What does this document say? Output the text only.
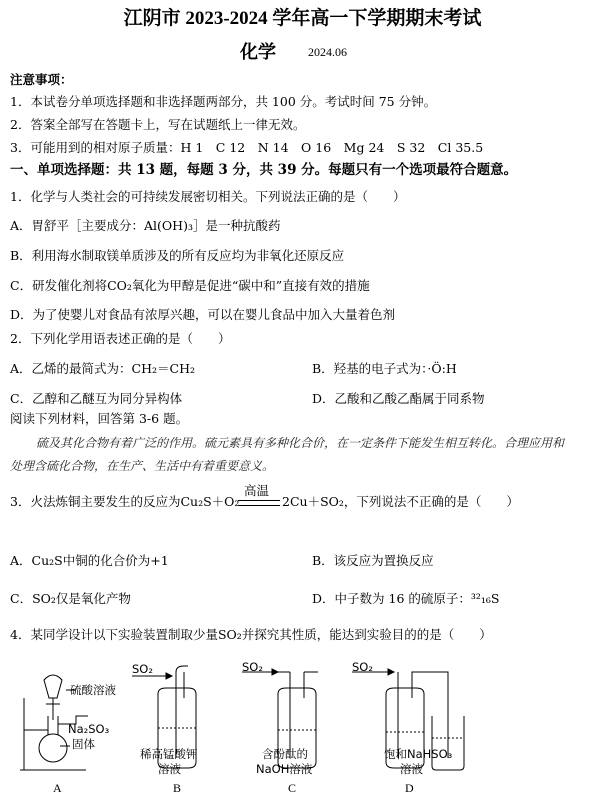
江阴市 2023-2024 学年高一下学期期末考试
化学	2024.06
注意事项：
1．本试卷分单项选择题和非选择题两部分，共 100 分。考试时间 75 分钟。
2．答案全部写在答题卡上，写在试题纸上一律无效。
3．可能用到的相对原子质量：H 1　C 12　N 14　O 16　Mg 24　S 32　Cl 35.5
一、单项选择题：共 13 题，每题 3 分，共 39 分。每题只有一个选项最符合题意。
1．化学与人类社会的可持续发展密切相关。下列说法正确的是（　　）
A．胃舒平［主要成分：Al(OH)₃］是一种抗酸药
B．利用海水制取镁单质涉及的所有反应均为非氧化还原反应
C．研发催化剂将CO₂氧化为甲醇是促进“碳中和”直接有效的措施
D．为了使婴儿对食品有浓厚兴趣，可以在婴儿食品中加入大量着色剂
2．下列化学用语表述正确的是（　　）
A．乙烯的最简式为：CH₂＝CH₂	B．羟基的电子式为：·Ö:H
C．乙醇和乙醚互为同分异构体	D．乙酸和乙酸乙酯属于同系物
阅读下列材料，回答第 3-6 题。
硫及其化合物有着广泛的作用。硫元素具有多种化合价，在一定条件下能发生相互转化。合理应用和
处理含硫化合物，在生产、生活中有着重要意义。
高温
3．火法炼铜主要发生的反应为Cu₂S＋O₂	2Cu＋SO₂，下列说法不正确的是（　　）
A．Cu₂S中铜的化合价为+1	B．该反应为置换反应
C．SO₂仅是氧化产物	D．中子数为 16 的硫原子：³²₁₆S
4．某同学设计以下实验装置制取少量SO₂并探究其性质，能达到实验目的的是（　　）
硫酸溶液
Na₂SO₃
固体
SO₂	SO₂	SO₂
稀高锰酸钾
溶液
含酚酞的
NaOH溶液
饱和NaHSO₃
溶液
A	B	C	D
